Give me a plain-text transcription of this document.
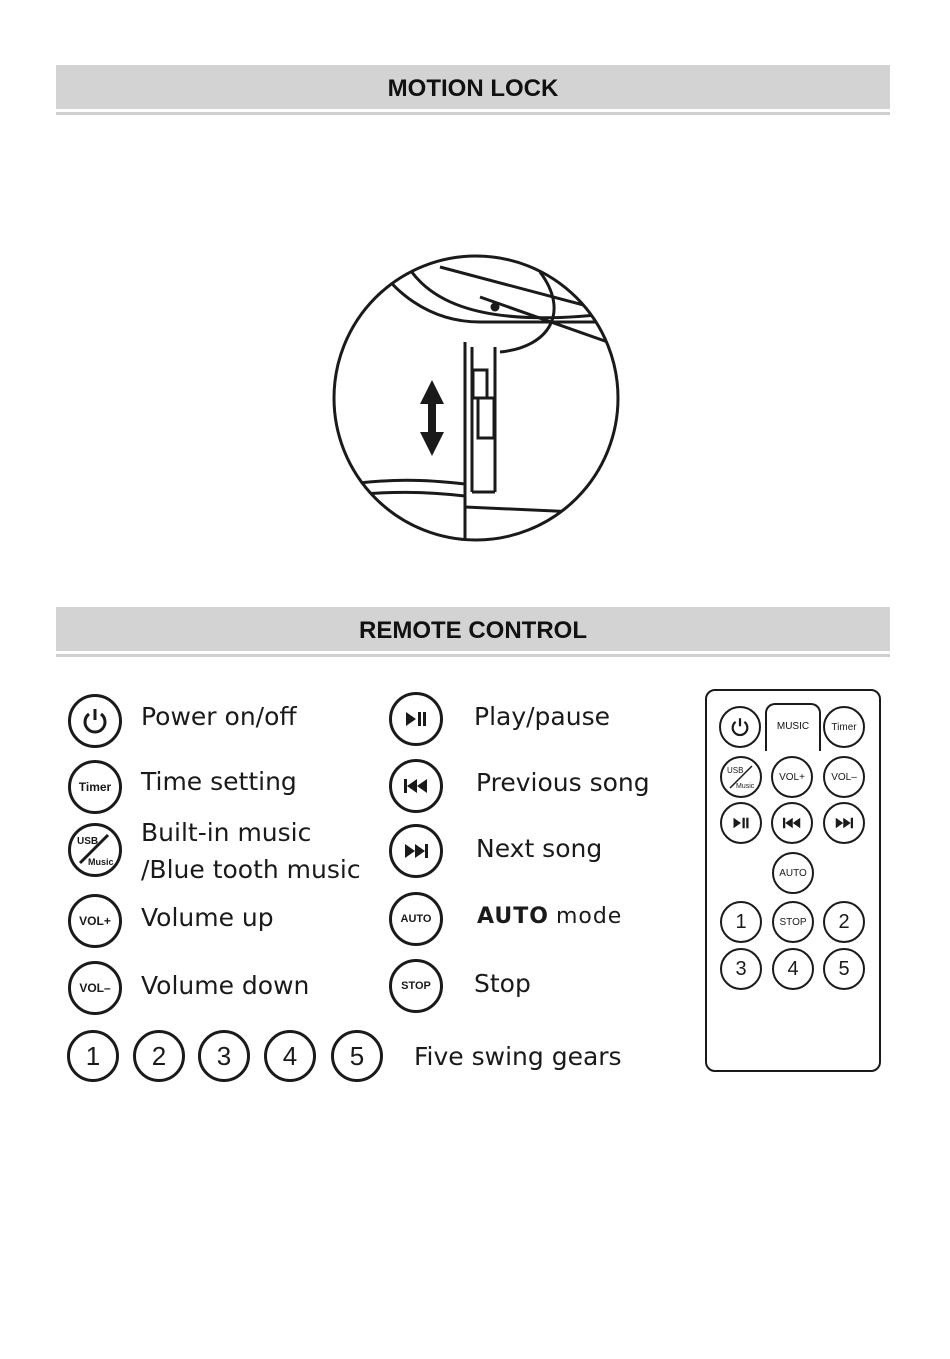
MOTION LOCK
REMOTE CONTROL
Power on/off
Timer Time setting
USB
Music
Built-in music
/Blue tooth music
VOL+ Volume up
VOL– Volume down
Play/pause
Previous song
Next song
AUTO AUTO mode
STOP Stop
1	2	3	4	5	Five swing gears
MUSIC	Timer
USB
Music
VOL+	VOL–
AUTO
1	STOP	2
3	4	5
